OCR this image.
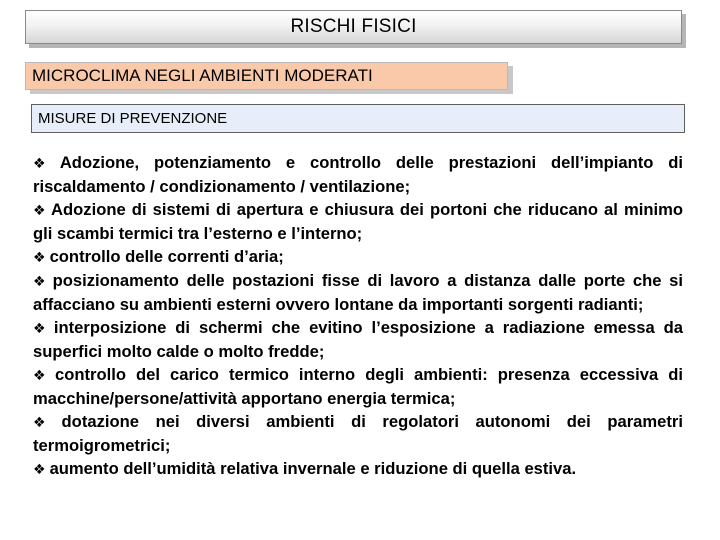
RISCHI FISICI
MICROCLIMA NEGLI AMBIENTI MODERATI
MISURE DI PREVENZIONE

❖ Adozione, potenziamento e controllo delle prestazioni dell’impianto di riscaldamento / condizionamento / ventilazione;

❖ Adozione di sistemi di apertura e chiusura dei portoni che riducano al minimo gli scambi termici tra l’esterno e l’interno;

❖ controllo delle correnti d’aria;

❖ posizionamento delle postazioni fisse di lavoro a distanza dalle porte che si affacciano su ambienti esterni ovvero lontane da importanti sorgenti radianti;

❖ interposizione di schermi che evitino l’esposizione a radiazione emessa da superfici molto calde o molto fredde;

❖ controllo del carico termico interno degli ambienti: presenza eccessiva di macchine/persone/attività apportano energia termica;

❖ dotazione nei diversi ambienti di regolatori autonomi dei parametri termoigrometrici;

❖ aumento dell’umidità relativa invernale e riduzione di quella estiva.
